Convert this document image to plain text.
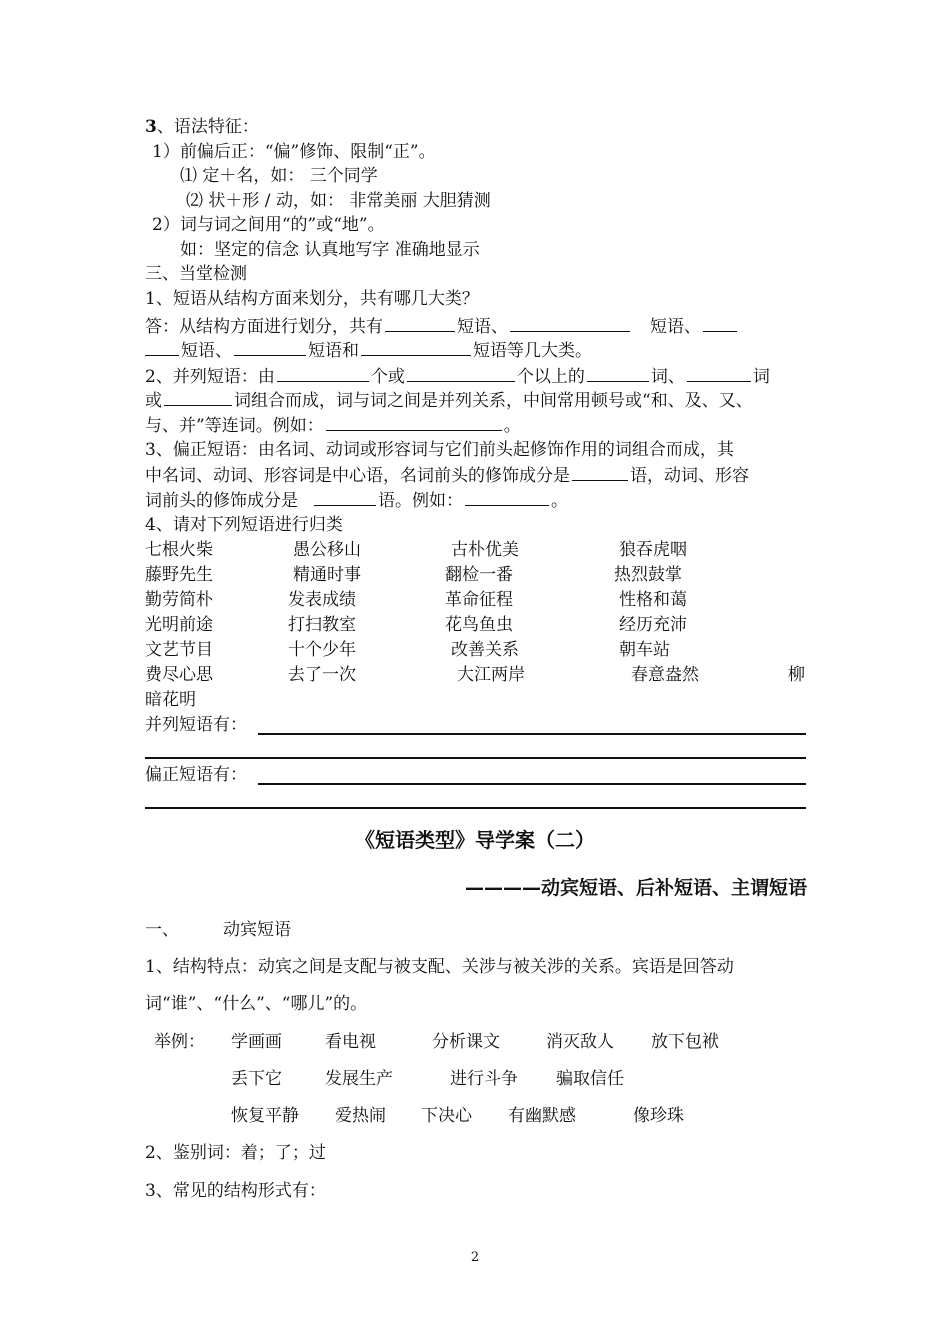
3、语法特征：
1）前偏后正：“偏”修饰、限制“正”。
⑴ 定＋名，如： 三个同学
⑵ 状＋形 / 动，如： 非常美丽 大胆猜测
2）词与词之间用“的”或“地”。
如：坚定的信念 认真地写字 准确地显示
三、当堂检测
1、短语从结构方面来划分，共有哪几大类？
答：从结构方面进行划分，共有	短语、	短语、
短语、	短语和	短语等几大类。
2、并列短语：由	个或	个以上的	词、	词
或	词组合而成，词与词之间是并列关系，中间常用顿号或“和、及、又、
与、并”等连词。例如：	。
3、偏正短语：由名词、动词或形容词与它们前头起修饰作用的词组合而成，其
中名词、动词、形容词是中心语，名词前头的修饰成分是	语，动词、形容
词前头的修饰成分是	语。例如：	。
4、请对下列短语进行归类
七根火柴	愚公移山	古朴优美	狼吞虎咽
藤野先生	精通时事	翻检一番	热烈鼓掌
勤劳简朴	发表成绩	革命征程	性格和蔼
光明前途	打扫教室	花鸟鱼虫	经历充沛
文艺节目	十个少年	改善关系	朝车站
费尽心思	去了一次	大江两岸	春意盎然	柳
暗花明
并列短语有：
偏正短语有：
《短语类型》导学案（二）
————动宾短语、后补短语、主谓短语
一、	动宾短语
1、结构特点：动宾之间是支配与被支配、关涉与被关涉的关系。宾语是回答动
词“谁”、“什么”、“哪儿”的。
举例： 学画画	看电视	分析课文	消灭敌人 放下包袱
丢下它	发展生产	进行斗争 骗取信任
恢复平静 爱热闹 下决心 有幽默感	像珍珠
2、鉴别词：着；了；过
3、常见的结构形式有：
2
